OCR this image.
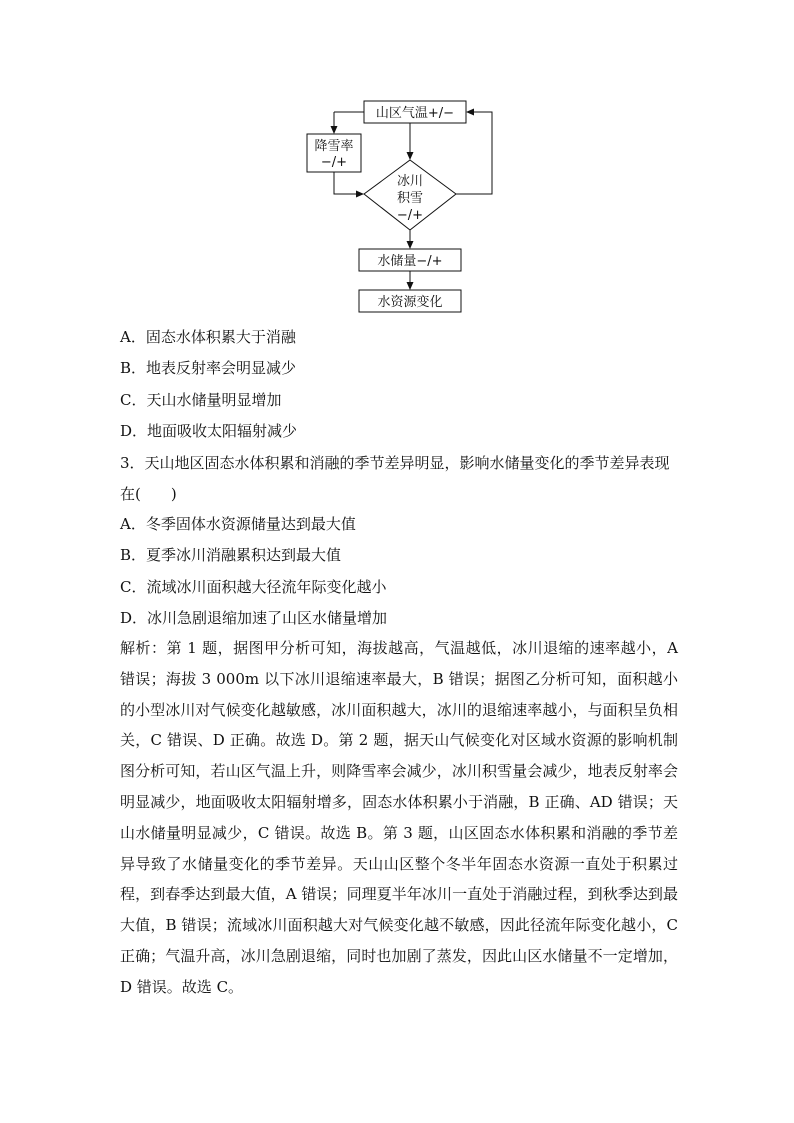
山区气温+/−
降雪率
−/+
冰川
积雪
−/+
水储量−/+
水资源变化
A．固态水体积累大于消融
B．地表反射率会明显减少
C．天山水储量明显增加
D．地面吸收太阳辐射减少
3．天山地区固态水体积累和消融的季节差异明显，影响水储量变化的季节差异表现在(　　)
A．冬季固体水资源储量达到最大值
B．夏季冰川消融累积达到最大值
C．流域冰川面积越大径流年际变化越小
D．冰川急剧退缩加速了山区水储量增加
解析：第 1 题，据图甲分析可知，海拔越高，气温越低，冰川退缩的速率越小，A 错误；海拔 3 000m 以下冰川退缩速率最大，B 错误；据图乙分析可知，面积越小的小型冰川对气候变化越敏感，冰川面积越大，冰川的退缩速率越小，与面积呈负相关，C 错误、D 正确。故选 D。第 2 题，据天山气候变化对区域水资源的影响机制图分析可知，若山区气温上升，则降雪率会减少，冰川积雪量会减少，地表反射率会明显减少，地面吸收太阳辐射增多，固态水体积累小于消融，B 正确、AD 错误；天山水储量明显减少，C 错误。故选 B。第 3 题，山区固态水体积累和消融的季节差异导致了水储量变化的季节差异。天山山区整个冬半年固态水资源一直处于积累过程，到春季达到最大值，A 错误；同理夏半年冰川一直处于消融过程，到秋季达到最大值，B 错误；流域冰川面积越大对气候变化越不敏感，因此径流年际变化越小，C 正确；气温升高，冰川急剧退缩，同时也加剧了蒸发，因此山区水储量不一定增加，D 错误。故选 C。
